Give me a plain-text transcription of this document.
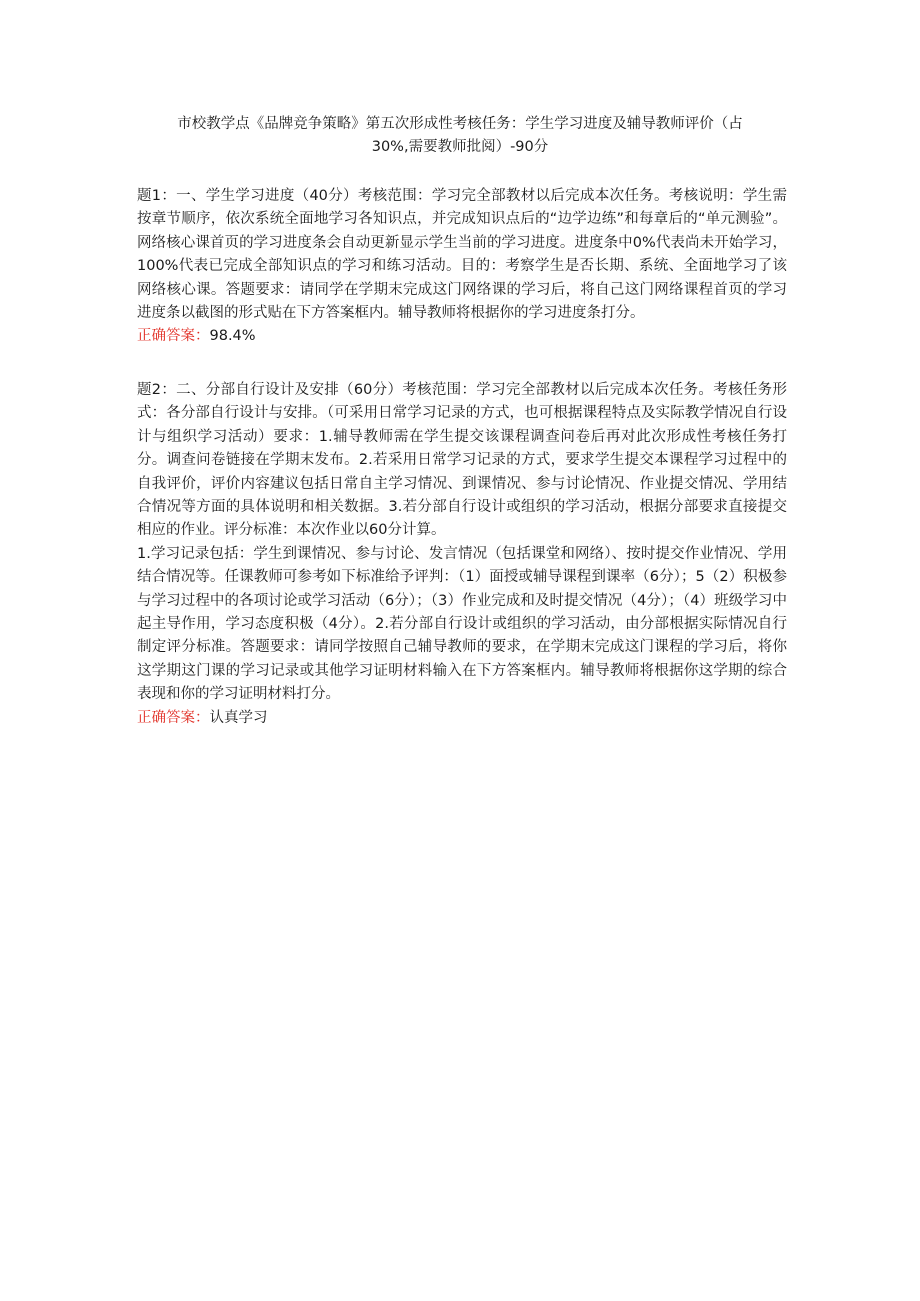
市校教学点《品牌竞争策略》第五次形成性考核任务：学生学习进度及辅导教师评价（占
30%,需要教师批阅）-90分

题1：一、学生学习进度（40分）考核范围：学习完全部教材以后完成本次任务。考核说明：学生需按章节顺序，依次系统全面地学习各知识点，并完成知识点后的“边学边练”和每章后的“单元测验”。网络核心课首页的学习进度条会自动更新显示学生当前的学习进度。进度条中0%代表尚未开始学习，100%代表已完成全部知识点的学习和练习活动。目的：考察学生是否长期、系统、全面地学习了该网络核心课。答题要求：请同学在学期末完成这门网络课的学习后，将自己这门网络课程首页的学习进度条以截图的形式贴在下方答案框内。辅导教师将根据你的学习进度条打分。

正确答案：98.4%

题2：二、分部自行设计及安排（60分）考核范围：学习完全部教材以后完成本次任务。考核任务形式：各分部自行设计与安排。（可采用日常学习记录的方式，也可根据课程特点及实际教学情况自行设计与组织学习活动）要求：1.辅导教师需在学生提交该课程调查问卷后再对此次形成性考核任务打分。调查问卷链接在学期末发布。2.若采用日常学习记录的方式，要求学生提交本课程学习过程中的自我评价，评价内容建议包括日常自主学习情况、到课情况、参与讨论情况、作业提交情况、学用结合情况等方面的具体说明和相关数据。3.若分部自行设计或组织的学习活动，根据分部要求直接提交相应的作业。评分标准：本次作业以60分计算。

1.学习记录包括：学生到课情况、参与讨论、发言情况（包括课堂和网络）、按时提交作业情况、学用结合情况等。任课教师可参考如下标准给予评判：（1）面授或辅导课程到课率（6分）；5（2）积极参与学习过程中的各项讨论或学习活动（6分）；（3）作业完成和及时提交情况（4分）；（4）班级学习中起主导作用，学习态度积极（4分）。2.若分部自行设计或组织的学习活动，由分部根据实际情况自行制定评分标准。答题要求：请同学按照自己辅导教师的要求，在学期末完成这门课程的学习后，将你这学期这门课的学习记录或其他学习证明材料输入在下方答案框内。辅导教师将根据你这学期的综合表现和你的学习证明材料打分。

正确答案：认真学习
